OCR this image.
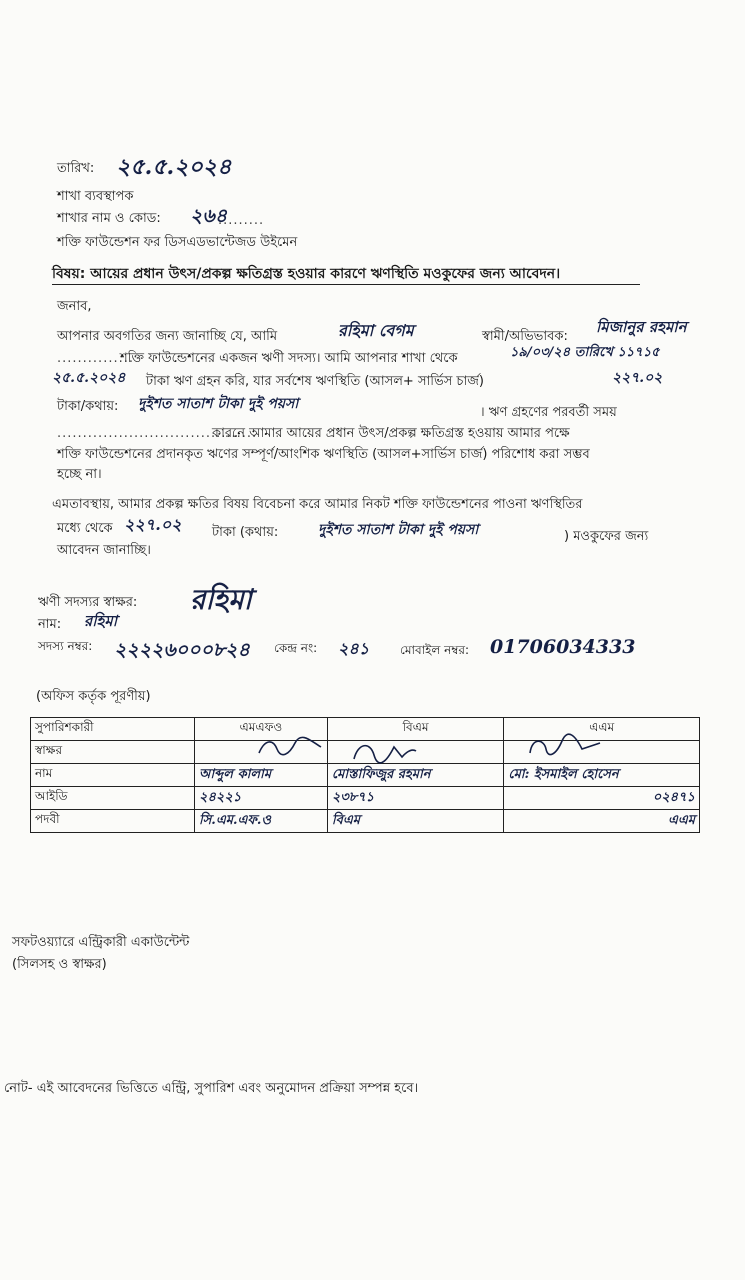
তারিখ: ২৫.৫.২০২৪
শাখা ব্যবস্থাপক
শাখার নাম ও কোড: ২৬৪
.........
শক্তি ফাউন্ডেশন ফর ডিসএডভান্টেজড উইমেন
বিষয়: আয়ের প্রধান উৎস/প্রকল্প ক্ষতিগ্রস্ত হওয়ার কারণে ঋণস্থিতি মওকুফের জন্য আবেদন।
জনাব,
আপনার অবগতির জন্য জানাচ্ছি যে, আমি	রহিমা বেগম	স্বামী/অভিভাবক:
মিজানুর রহমান
...............
শক্তি ফাউন্ডেশনের একজন ঋণী সদস্য। আমি আপনার শাখা থেকে	১৯/০৩/২৪ তারিখে ১১৭১৫
২৫.৫.২০২৪ টাকা ঋণ গ্রহন করি, যার সর্বশেষ ঋণস্থিতি (আসল+ সার্ভিস চার্জ)	২২৭.০২
টাকা/কথায়: দুইশত সাতাশ টাকা দুই পয়সা
। ঋণ গ্রহণের পরবর্তী সময়
.......................................
কারনে আমার আয়ের প্রধান উৎস/প্রকল্প ক্ষতিগ্রস্ত হওয়ায় আমার পক্ষে
শক্তি ফাউন্ডেশনের প্রদানকৃত ঋণের সম্পূর্ণ/আংশিক ঋণস্থিতি (আসল+সার্ভিস চার্জ) পরিশোধ করা সম্ভব
হচ্ছে না।
এমতাবস্থায়, আমার প্রকল্প ক্ষতির বিষয় বিবেচনা করে আমার নিকট শক্তি ফাউন্ডেশনের পাওনা ঋণস্থিতির
মধ্যে থেকে ২২৭.০২ টাকা (কথায়:	দুইশত সাতাশ টাকা দুই পয়সা	) মওকুফের জন্য
আবেদন জানাচ্ছি।
ঋণী সদস্যর স্বাক্ষর: রহিমা
নাম: রহিমা
সদস্য নম্বর: ২২২২৬০০০৮২৪ কেন্দ্র নং: ২৪১	মোবাইল নম্বর: 01706034333
(অফিস কর্তৃক পূরণীয়)
সুপারিশকারী	এমএফও	বিএম	এএম
স্বাক্ষর	

নাম	আব্দুল কালাম	মোস্তাফিজুর রহমান	মো: ইসমাইল হোসেন
আইডি	২৪২২১	২৩৮৭১	০২৪৭১
পদবী	সি.এম.এফ.ও	বিএম	এএম
সফটওয়্যারে এন্ট্রিকারী একাউন্টেন্ট
(সিলসহ ও স্বাক্ষর)
নোট- এই আবেদনের ভিত্তিতে এন্ট্রি, সুপারিশ এবং অনুমোদন প্রক্রিয়া সম্পন্ন হবে।
